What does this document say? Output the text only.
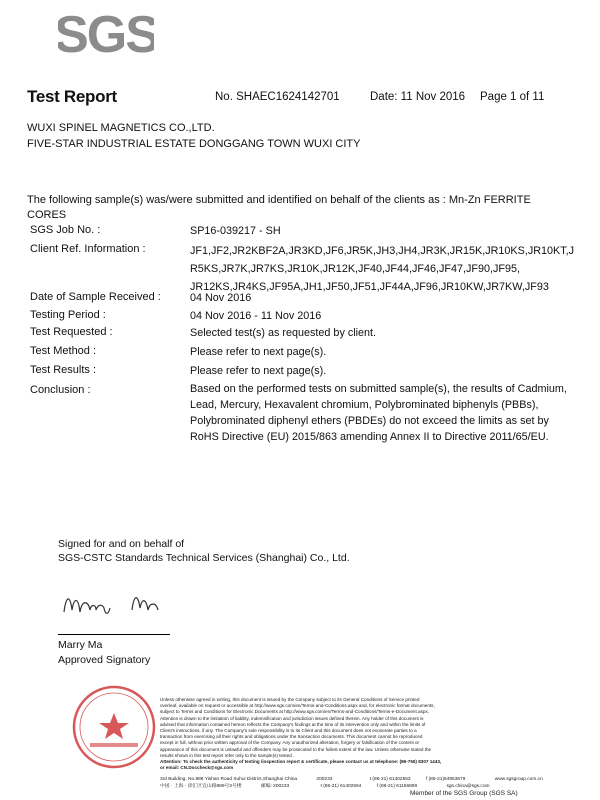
SGS
Test Report	No. SHAEC1624142701	Date: 11 Nov 2016 Page 1 of 11
WUXI SPINEL MAGNETICS CO.,LTD.
FIVE-STAR INDUSTRIAL ESTATE DONGGANG TOWN WUXI CITY
The following sample(s) was/were submitted and identified on behalf of the clients as : Mn-Zn FERRITE
CORES
SGS Job No. :	SP16-039217 - SH
Client Ref. Information :	JF1,JF2,JR2KBF2A,JR3KD,JF6,JR5K,JH3,JH4,JR3K,JR15K,JR10KS,JR10KT,J
R5KS,JR7K,JR7KS,JR10K,JR12K,JF40,JF44,JF46,JF47,JF90,JF95,
JR12KS,JR4KS,JF95A,JH1,JF50,JF51,JF44A,JF96,JR10KW,JR7KW,JF93
Date of Sample Received :	04 Nov 2016
Testing Period :	04 Nov 2016 - 11 Nov 2016
Test Requested :	Selected test(s) as requested by client.
Test Method :	Please refer to next page(s).
Test Results :	Please refer to next page(s).
Conclusion :	Based on the performed tests on submitted sample(s), the results of Cadmium,
Lead, Mercury, Hexavalent chromium, Polybrominated biphenyls (PBBs),
Polybrominated diphenyl ethers (PBDEs) do not exceed the limits as set by
RoHS Directive (EU) 2015/863 amending Annex II to Directive 2011/65/EU.
Signed for and on behalf of
SGS-CSTC Standards Technical Services (Shanghai) Co., Ltd.
Marry Ma
Approved Signatory
Unless otherwise agreed in writing, this document is issued by the Company subject to its General Conditions of Service printed
overleaf, available on request or accessible at http://www.sgs.com/en/Terms-and-Conditions.aspx and, for electronic format documents,
subject to Terms and Conditions for Electronic Documents at http://www.sgs.com/en/Terms-and-Conditions/Terms-e-Document.aspx.
Attention is drawn to the limitation of liability, indemnification and jurisdiction issues defined therein. Any holder of this document is
advised that information contained hereon reflects the Company's findings at the time of its intervention only and within the limits of
Client's instructions, if any. The Company's sole responsibility is to its Client and this document does not exonerate parties to a
transaction from exercising all their rights and obligations under the transaction documents. This document cannot be reproduced
except in full, without prior written approval of the Company. Any unauthorized alteration, forgery or falsification of the content or
appearance of this document is unlawful and offenders may be prosecuted to the fullest extent of the law. Unless otherwise stated the
results shown in this test report refer only to the sample(s) tested .
Attention: To check the authenticity of testing /inspection report & certificate, please contact us at telephone: (86-755) 8307 1443,
or email: CN.Doccheck@sgs.com
3rd Building, No.889 Yishan Road Xuhui District,Shanghai China	200233	t (86-21) 61402553	f (86-21)64953679	www.sgsgroup.com.cn
中国 · 上海 · 徐汇区宜山路889号3号楼	邮编: 200233	t (86-21) 61402594	f (86-21) 61156899	sgs.china@sgs.com
Member of the SGS Group (SGS SA)
